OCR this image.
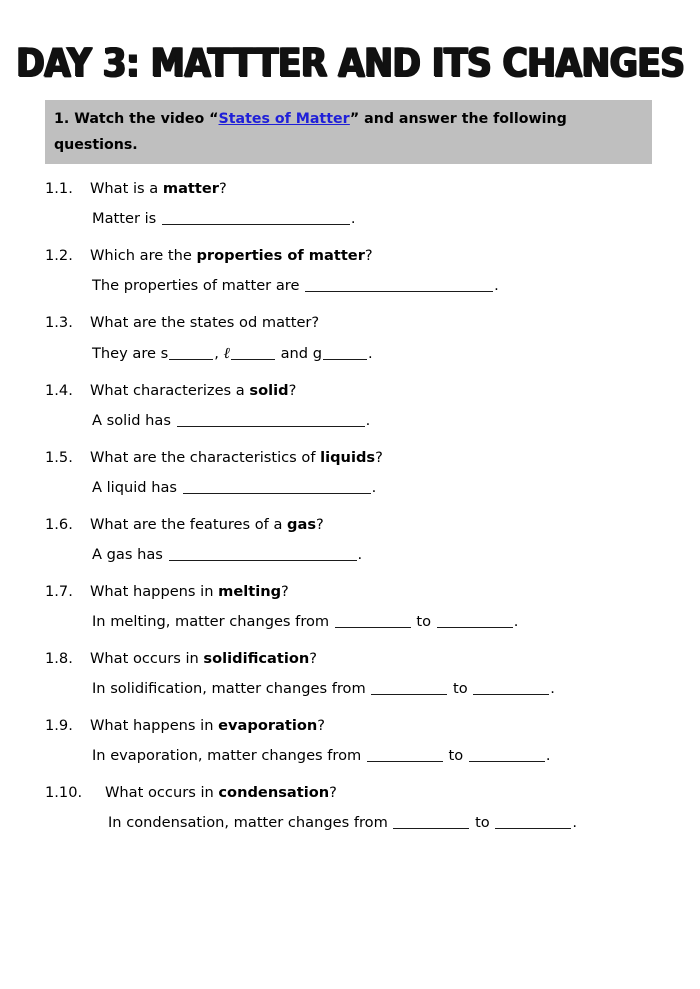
DAY 3: MATTTER AND ITS CHANGES
1. Watch the video “States of Matter” and answer the following questions.
1.1.	What is a matter?
Matter is	.
1.2.	Which are the properties of matter?
The properties of matter are	.
1.3.	What are the states od matter?
They are s	, ℓ	and g	.
1.4.	What characterizes a solid?
A solid has	.
1.5.	What are the characteristics of liquids?
A liquid has	.
1.6.	What are the features of a gas?
A gas has	.
1.7.	What happens in melting?
In melting, matter changes from	to	.
1.8.	What occurs in solidification?
In solidification, matter changes from	to	.
1.9.	What happens in evaporation?
In evaporation, matter changes from	to	.
1.10.	What occurs in condensation?
In condensation, matter changes from	to	.
